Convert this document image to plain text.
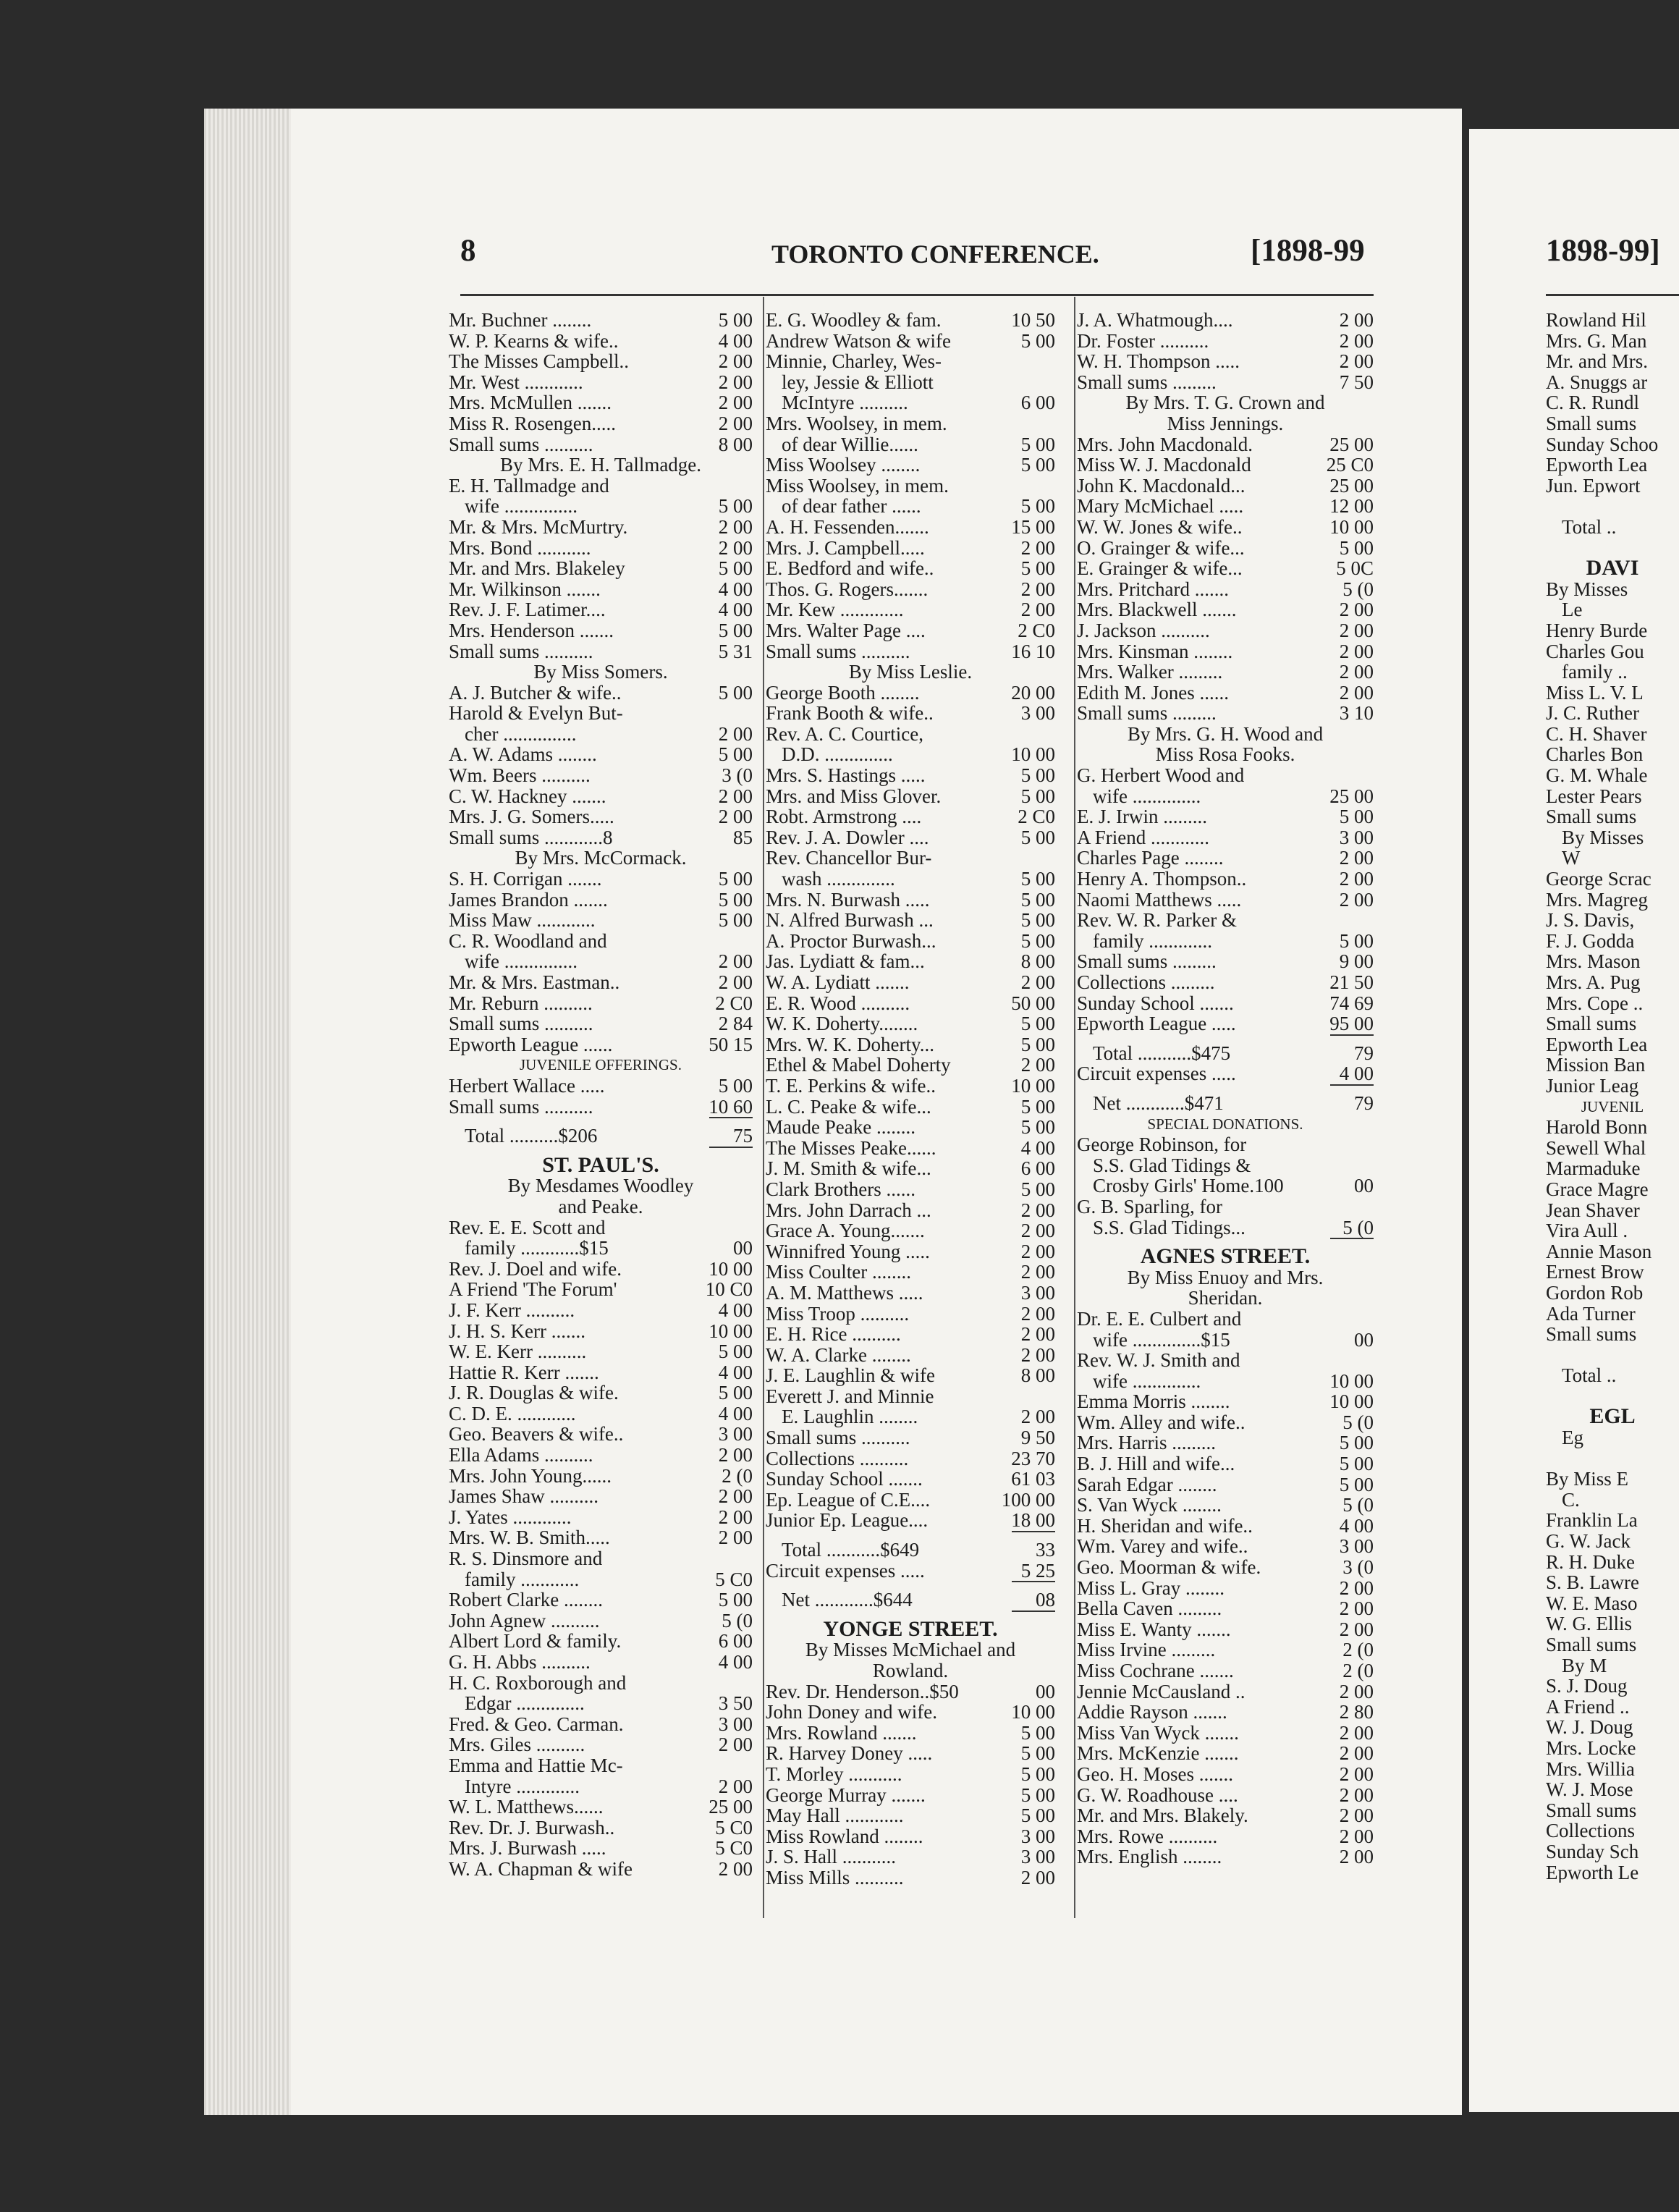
8	TORONTO CONFERENCE.	[1898-99	1898-99]
Mr. Buchner ........	5 00
W. P. Kearns & wife..	4 00
The Misses Campbell..	2 00
Mr. West ............	2 00
Mrs. McMullen .......	2 00
Miss R. Rosengen.....	2 00
Small sums ..........	8 00
By Mrs. E. H. Tallmadge.
E. H. Tallmadge and
wife ...............	5 00
Mr. & Mrs. McMurtry.	2 00
Mrs. Bond ...........	2 00
Mr. and Mrs. Blakeley	5 00
Mr. Wilkinson .......	4 00
Rev. J. F. Latimer....	4 00
Mrs. Henderson .......	5 00
Small sums ..........	5 31
By Miss Somers.
A. J. Butcher & wife..	5 00
Harold & Evelyn But-
cher ...............	2 00
A. W. Adams ........	5 00
Wm. Beers ..........	3 (0
C. W. Hackney .......	2 00
Mrs. J. G. Somers.....	2 00
Small sums ............8	85
By Mrs. McCormack.
S. H. Corrigan .......	5 00
James Brandon .......	5 00
Miss Maw ............	5 00
C. R. Woodland and
wife ...............	2 00
Mr. & Mrs. Eastman..	2 00
Mr. Reburn ..........	2 C0
Small sums ..........	2 84
Epworth League ......	50 15
JUVENILE OFFERINGS.
Herbert Wallace .....	5 00
Small sums ..........	10 60
Total ..........$206	75
ST. PAUL'S.
By Mesdames Woodley
and Peake.
Rev. E. E. Scott and
family ............$15	00
Rev. J. Doel and wife.	10 00
A Friend 'The Forum'	10 C0
J. F. Kerr ..........	4 00
J. H. S. Kerr .......	10 00
W. E. Kerr ..........	5 00
Hattie R. Kerr .......	4 00
J. R. Douglas & wife.	5 00
C. D. E. ............	4 00
Geo. Beavers & wife..	3 00
Ella Adams ..........	2 00
Mrs. John Young......	2 (0
James Shaw ..........	2 00
J. Yates ............	2 00
Mrs. W. B. Smith.....	2 00
R. S. Dinsmore and
family ............	5 C0
Robert Clarke ........	5 00
John Agnew ..........	5 (0
Albert Lord & family.	6 00
G. H. Abbs ..........	4 00
H. C. Roxborough and
Edgar ..............	3 50
Fred. & Geo. Carman.	3 00
Mrs. Giles ..........	2 00
Emma and Hattie Mc-
Intyre .............	2 00
W. L. Matthews......	25 00
Rev. Dr. J. Burwash..	5 C0
Mrs. J. Burwash .....	5 C0
W. A. Chapman & wife	2 00
E. G. Woodley & fam.	10 50
Andrew Watson & wife	5 00
Minnie, Charley, Wes-
ley, Jessie & Elliott
McIntyre ..........	6 00
Mrs. Woolsey, in mem.
of dear Willie......	5 00
Miss Woolsey ........	5 00
Miss Woolsey, in mem.
of dear father ......	5 00
A. H. Fessenden.......	15 00
Mrs. J. Campbell.....	2 00
E. Bedford and wife..	5 00
Thos. G. Rogers.......	2 00
Mr. Kew .............	2 00
Mrs. Walter Page ....	2 C0
Small sums ..........	16 10
By Miss Leslie.
George Booth ........	20 00
Frank Booth & wife..	3 00
Rev. A. C. Courtice,
D.D. ..............	10 00
Mrs. S. Hastings .....	5 00
Mrs. and Miss Glover.	5 00
Robt. Armstrong ....	2 C0
Rev. J. A. Dowler ....	5 00
Rev. Chancellor Bur-
wash ..............	5 00
Mrs. N. Burwash .....	5 00
N. Alfred Burwash ...	5 00
A. Proctor Burwash...	5 00
Jas. Lydiatt & fam...	8 00
W. A. Lydiatt .......	2 00
E. R. Wood ..........	50 00
W. K. Doherty........	5 00
Mrs. W. K. Doherty...	5 00
Ethel & Mabel Doherty	2 00
T. E. Perkins & wife..	10 00
L. C. Peake & wife...	5 00
Maude Peake ........	5 00
The Misses Peake......	4 00
J. M. Smith & wife...	6 00
Clark Brothers ......	5 00
Mrs. John Darrach ...	2 00
Grace A. Young.......	2 00
Winnifred Young .....	2 00
Miss Coulter ........	2 00
A. M. Matthews .....	3 00
Miss Troop ..........	2 00
E. H. Rice ..........	2 00
W. A. Clarke ........	2 00
J. E. Laughlin & wife	8 00
Everett J. and Minnie
E. Laughlin ........	2 00
Small sums ..........	9 50
Collections ..........	23 70
Sunday School .......	61 03
Ep. League of C.E....	100 00
Junior Ep. League....	18 00
Total ...........$649	33
Circuit expenses .....	5 25
Net ............$644	08
YONGE STREET.
By Misses McMichael and
Rowland.
Rev. Dr. Henderson..$50	00
John Doney and wife.	10 00
Mrs. Rowland .......	5 00
R. Harvey Doney .....	5 00
T. Morley ...........	5 00
George Murray .......	5 00
May Hall ............	5 00
Miss Rowland ........	3 00
J. S. Hall ...........	3 00
Miss Mills ..........	2 00
J. A. Whatmough....	2 00
Dr. Foster ..........	2 00
W. H. Thompson .....	2 00
Small sums .........	7 50
By Mrs. T. G. Crown and
Miss Jennings.
Mrs. John Macdonald.	25 00
Miss W. J. Macdonald	25 C0
John K. Macdonald...	25 00
Mary McMichael .....	12 00
W. W. Jones & wife..	10 00
O. Grainger & wife...	5 00
E. Grainger & wife...	5 0C
Mrs. Pritchard .......	5 (0
Mrs. Blackwell .......	2 00
J. Jackson ..........	2 00
Mrs. Kinsman ........	2 00
Mrs. Walker .........	2 00
Edith M. Jones ......	2 00
Small sums .........	3 10
By Mrs. G. H. Wood and
Miss Rosa Fooks.
G. Herbert Wood and
wife ..............	25 00
E. J. Irwin .........	5 00
A Friend ............	3 00
Charles Page ........	2 00
Henry A. Thompson..	2 00
Naomi Matthews .....	2 00
Rev. W. R. Parker &
family .............	5 00
Small sums .........	9 00
Collections .........	21 50
Sunday School .......	74 69
Epworth League .....	95 00
Total ...........$475	79
Circuit expenses .....	4 00
Net ............$471	79
SPECIAL DONATIONS.
George Robinson, for
S.S. Glad Tidings &
Crosby Girls' Home.100	00
G. B. Sparling, for
S.S. Glad Tidings...	5 (0
AGNES STREET.
By Miss Enuoy and Mrs.
Sheridan.
Dr. E. E. Culbert and
wife ..............$15	00
Rev. W. J. Smith and
wife ..............	10 00
Emma Morris ........	10 00
Wm. Alley and wife..	5 (0
Mrs. Harris .........	5 00
B. J. Hill and wife...	5 00
Sarah Edgar ........	5 00
S. Van Wyck ........	5 (0
H. Sheridan and wife..	4 00
Wm. Varey and wife..	3 00
Geo. Moorman & wife.	3 (0
Miss L. Gray ........	2 00
Bella Caven .........	2 00
Miss E. Wanty .......	2 00
Miss Irvine .........	2 (0
Miss Cochrane .......	2 (0
Jennie McCausland ..	2 00
Addie Rayson .......	2 80
Miss Van Wyck .......	2 00
Mrs. McKenzie .......	2 00
Geo. H. Moses .......	2 00
G. W. Roadhouse ....	2 00
Mr. and Mrs. Blakely.	2 00
Mrs. Rowe ..........	2 00
Mrs. English ........	2 00
Rowland Hil
Mrs. G. Man
Mr. and Mrs.
A. Snuggs ar
C. R. Rundl
Small sums
Sunday Schoo
Epworth Lea
Jun. Epwort
Total ..
DAVI
By Misses
Le
Henry Burde
Charles Gou
family ..
Miss L. V. L
J. C. Ruther
C. H. Shaver
Charles Bon
G. M. Whale
Lester Pears
Small sums
By Misses
W
George Scrac
Mrs. Magreg
J. S. Davis,
F. J. Godda
Mrs. Mason
Mrs. A. Pug
Mrs. Cope ..
Small sums
Epworth Lea
Mission Ban
Junior Leag
JUVENIL
Harold Bonn
Sewell Whal
Marmaduke
Grace Magre
Jean Shaver
Vira Aull .
Annie Mason
Ernest Brow
Gordon Rob
Ada Turner
Small sums
Total ..
EGL
Eg
By Miss E
C.
Franklin La
G. W. Jack
R. H. Duke
S. B. Lawre
W. E. Maso
W. G. Ellis
Small sums
By M
S. J. Doug
A Friend ..
W. J. Doug
Mrs. Locke
Mrs. Willia
W. J. Mose
Small sums
Collections
Sunday Sch
Epworth Le
